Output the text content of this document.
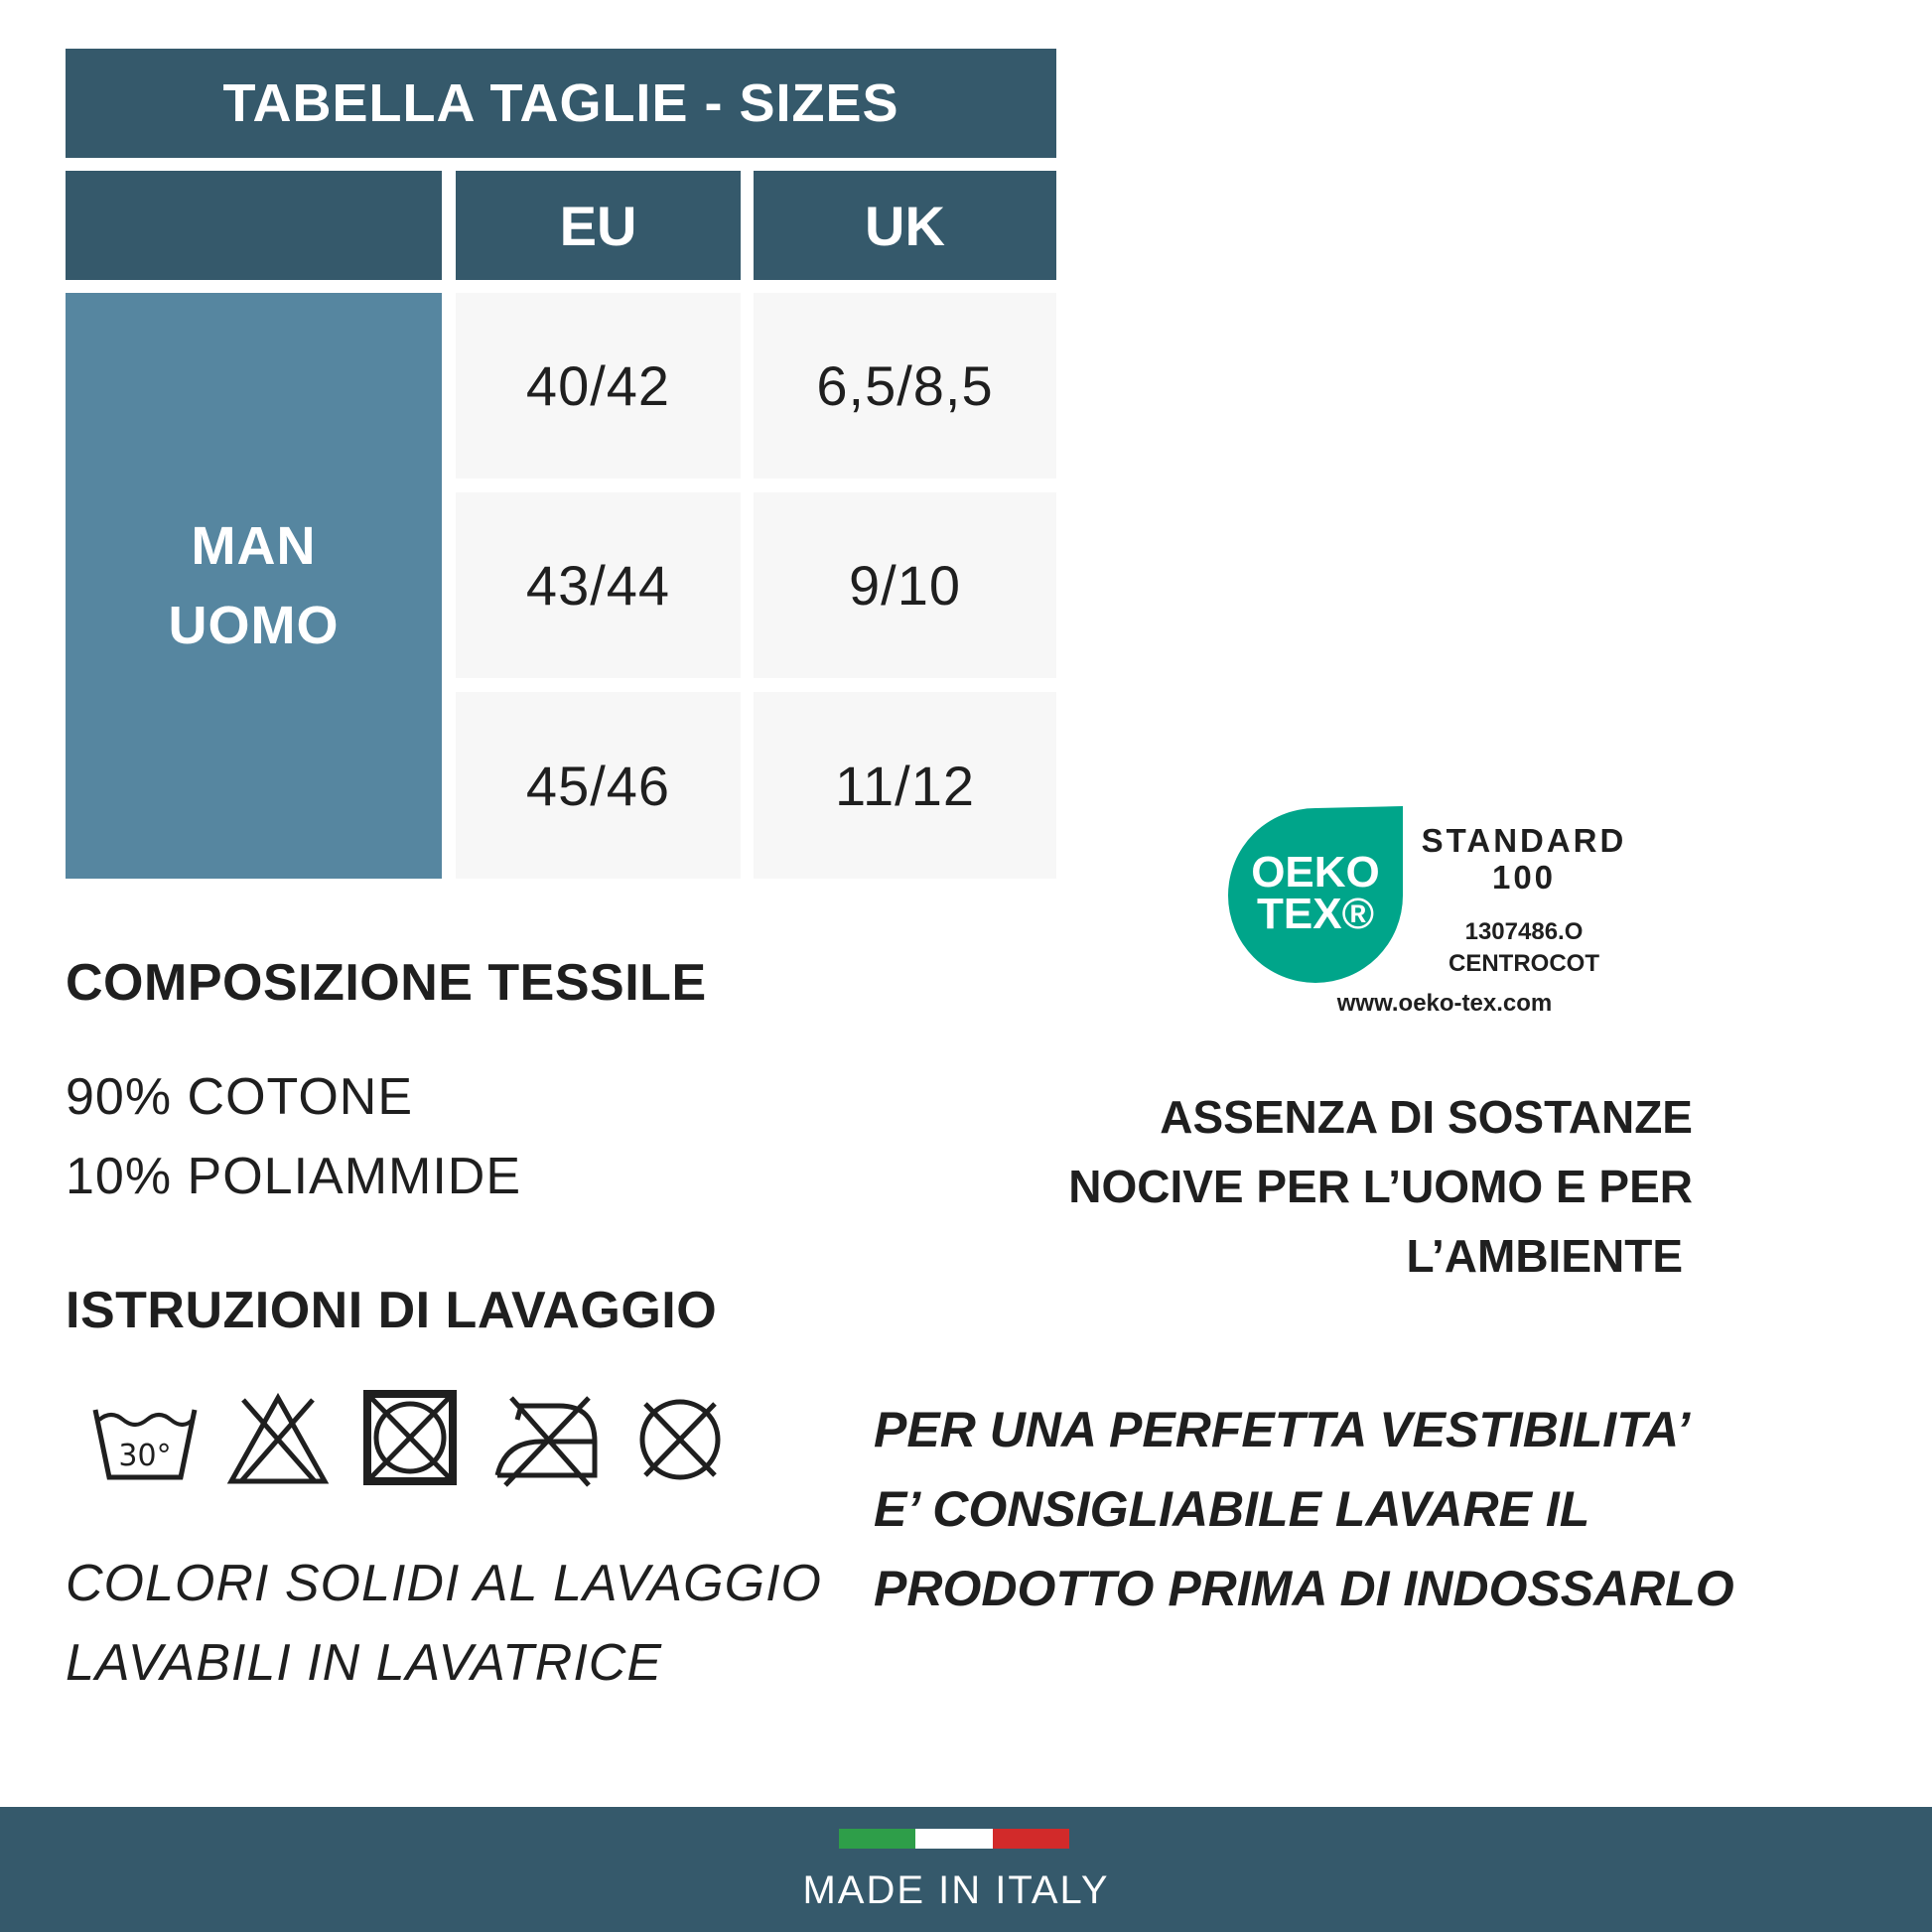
TABELLA TAGLIE - SIZES
EU	UK
MAN
UOMO
40/42	6,5/8,5
43/44	9/10
45/46	11/12
COMPOSIZIONE TESSILE
90% COTONE
10% POLIAMMIDE
ISTRUZIONI DI LAVAGGIO
30°
COLORI SOLIDI AL LAVAGGIO
LAVABILI IN LAVATRICE
OEKO
TEX®
STANDARD
100
1307486.O
CENTROCOT
www.oeko-tex.com
ASSENZA DI SOSTANZE
NOCIVE PER L’UOMO E PER
L’AMBIENTE
PER UNA PERFETTA VESTIBILITA’
E’ CONSIGLIABILE LAVARE IL
PRODOTTO PRIMA DI INDOSSARLO
MADE IN ITALY
